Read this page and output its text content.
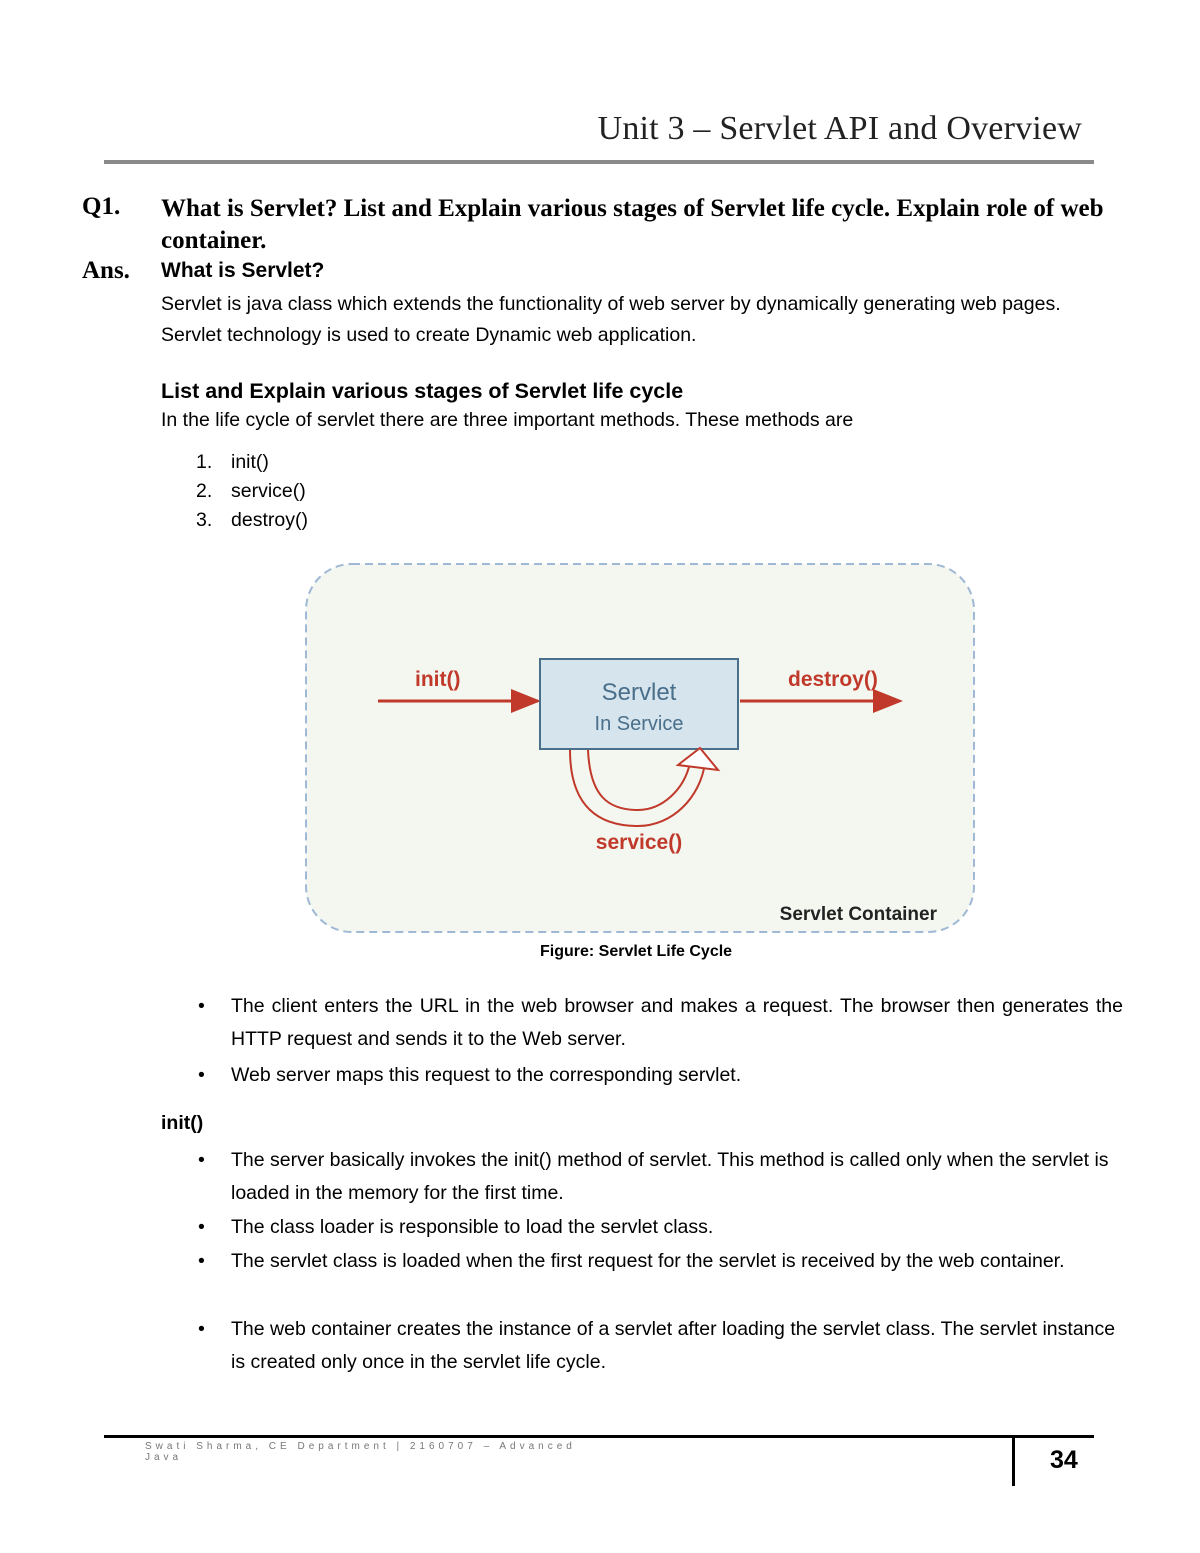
Unit 3 – Servlet API and Overview
Q1. What is Servlet? List and Explain various stages of Servlet life cycle. Explain role of web container.
Ans. What is Servlet?
Servlet is java class which extends the functionality of web server by dynamically generating web pages. Servlet technology is used to create Dynamic web application.
List and Explain various stages of Servlet life cycle
In the life cycle of servlet there are three important methods. These methods are
1. init()
2. service()
3. destroy()
init()	destroy()
Servlet
In Service
service()
Servlet Container
Figure: Servlet Life Cycle
• The client enters the URL in the web browser and makes a request. The browser then generates the HTTP request and sends it to the Web server.
• Web server maps this request to the corresponding servlet.
init()
• The server basically invokes the init() method of servlet. This method is called only when the servlet is loaded in the memory for the first time.
• The class loader is responsible to load the servlet class.
• The servlet class is loaded when the first request for the servlet is received by the web container.
• The web container creates the instance of a servlet after loading the servlet class. The servlet instance is created only once in the servlet life cycle.
Swati Sharma, CE Department | 2160707 – Advanced Java	34
